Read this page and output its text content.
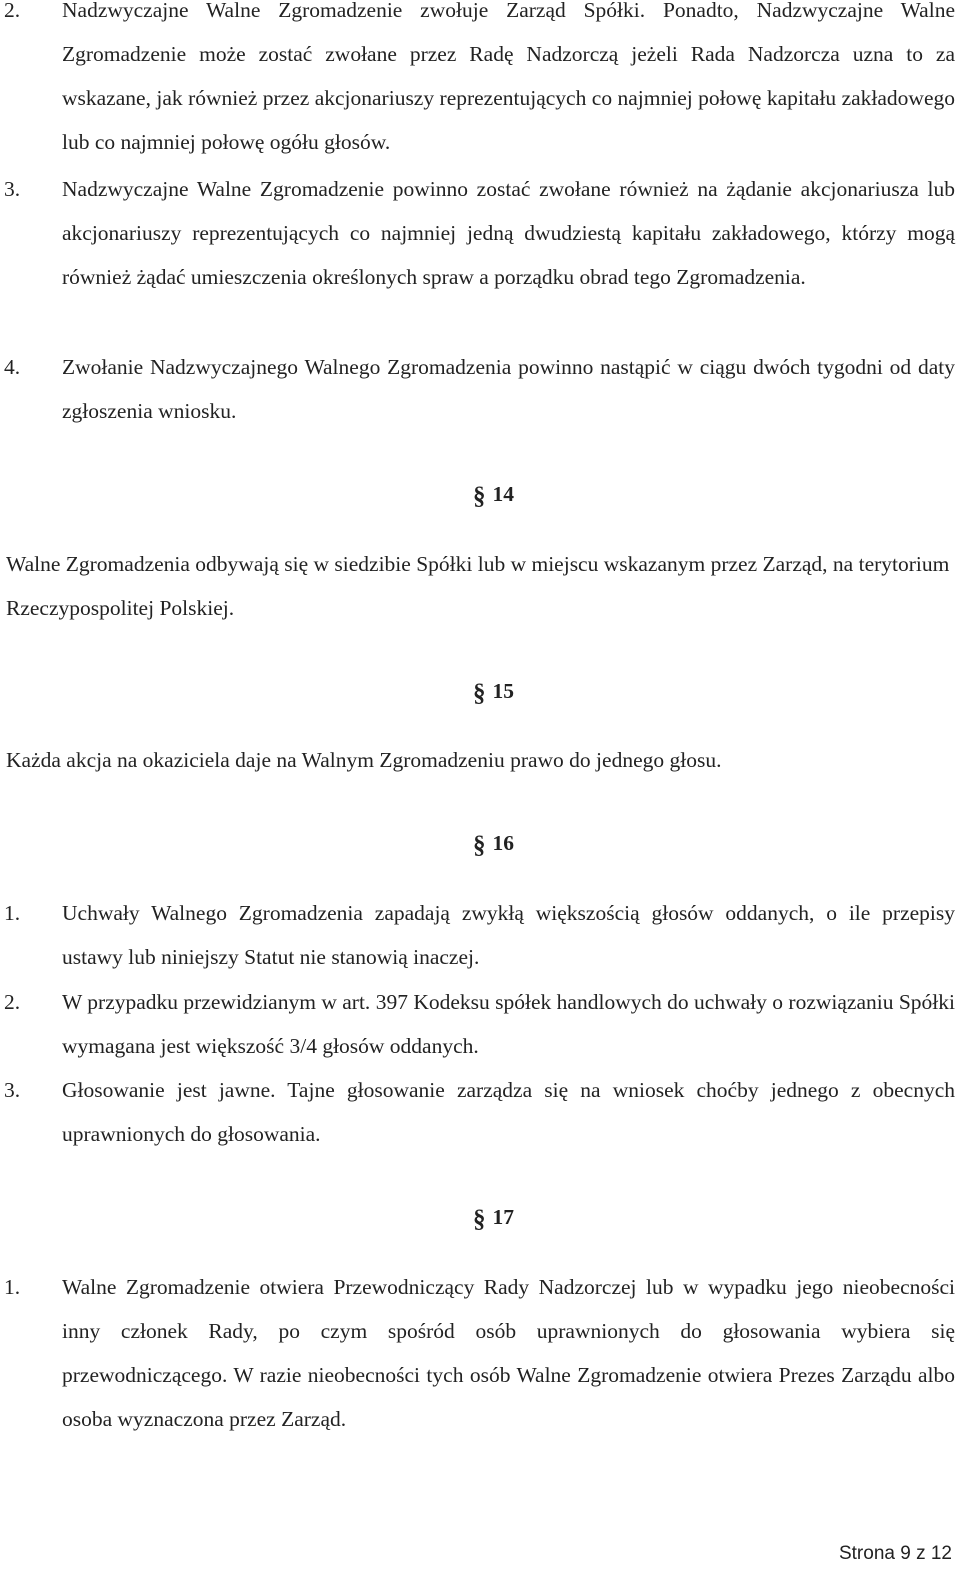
2. Nadzwyczajne Walne Zgromadzenie zwołuje Zarząd Spółki. Ponadto, Nadzwyczajne Walne Zgromadzenie może zostać zwołane przez Radę Nadzorczą jeżeli Rada Nadzorcza uzna to za wskazane, jak również przez akcjonariuszy reprezentujących co najmniej połowę kapitału zakładowego lub co najmniej połowę ogółu głosów.
3. Nadzwyczajne Walne Zgromadzenie powinno zostać zwołane również na żądanie akcjonariusza lub akcjonariuszy reprezentujących co najmniej jedną dwudziestą kapitału zakładowego, którzy mogą również żądać umieszczenia określonych spraw a porządku obrad tego Zgromadzenia.
4. Zwołanie Nadzwyczajnego Walnego Zgromadzenia powinno nastąpić w ciągu dwóch tygodni od daty zgłoszenia wniosku.
§ 14
Walne Zgromadzenia odbywają się w siedzibie Spółki lub w miejscu wskazanym przez Zarząd, na terytorium Rzeczypospolitej Polskiej.
§ 15
Każda akcja na okaziciela daje na Walnym Zgromadzeniu prawo do jednego głosu.
§ 16
1. Uchwały Walnego Zgromadzenia zapadają zwykłą większością głosów oddanych, o ile przepisy ustawy lub niniejszy Statut nie stanowią inaczej.
2. W przypadku przewidzianym w art. 397 Kodeksu spółek handlowych do uchwały o rozwiązaniu Spółki wymagana jest większość 3/4 głosów oddanych.
3. Głosowanie jest jawne. Tajne głosowanie zarządza się na wniosek choćby jednego z obecnych uprawnionych do głosowania.
§ 17
1. Walne Zgromadzenie otwiera Przewodniczący Rady Nadzorczej lub w wypadku jego nieobecności inny członek Rady, po czym spośród osób uprawnionych do głosowania wybiera się przewodniczącego. W razie nieobecności tych osób Walne Zgromadzenie otwiera Prezes Zarządu albo osoba wyznaczona przez Zarząd.
Strona 9 z 12
